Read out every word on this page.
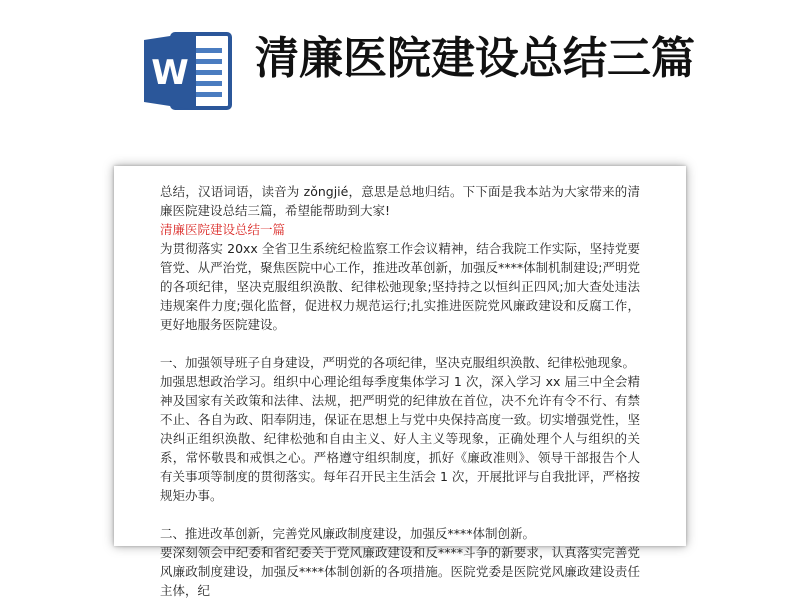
W 清廉医院建设总结三篇

总结，汉语词语，读音为 zǒngjié，意思是总地归结。下下面是我本站为大家带来的清廉医院建设总结三篇，希望能帮助到大家!

清廉医院建设总结一篇

为贯彻落实 20xx 全省卫生系统纪检监察工作会议精神，结合我院工作实际，坚持党要管党、从严治党，聚焦医院中心工作，推进改革创新，加强反****体制机制建设;严明党的各项纪律，坚决克服组织涣散、纪律松弛现象;坚持持之以恒纠正四风;加大查处违法违规案件力度;强化监督，促进权力规范运行;扎实推进医院党风廉政建设和反腐工作，更好地服务医院建设。

一、加强领导班子自身建设，严明党的各项纪律，坚决克服组织涣散、纪律松弛现象。

加强思想政治学习。组织中心理论组每季度集体学习 1 次，深入学习 xx 届三中全会精神及国家有关政策和法律、法规，把严明党的纪律放在首位，决不允许有令不行、有禁不止、各自为政、阳奉阴违，保证在思想上与党中央保持高度一致。切实增强党性，坚决纠正组织涣散、纪律松弛和自由主义、好人主义等现象，正确处理个人与组织的关系，常怀敬畏和戒惧之心。严格遵守组织制度，抓好《廉政准则》、领导干部报告个人有关事项等制度的贯彻落实。每年召开民主生活会 1 次，开展批评与自我批评，严格按规矩办事。

二、推进改革创新，完善党风廉政制度建设，加强反****体制创新。

要深刻领会中纪委和省纪委关于党风廉政建设和反****斗争的新要求，认真落实完善党风廉政制度建设，加强反****体制创新的各项措施。医院党委是医院党风廉政建设责任主体，纪
